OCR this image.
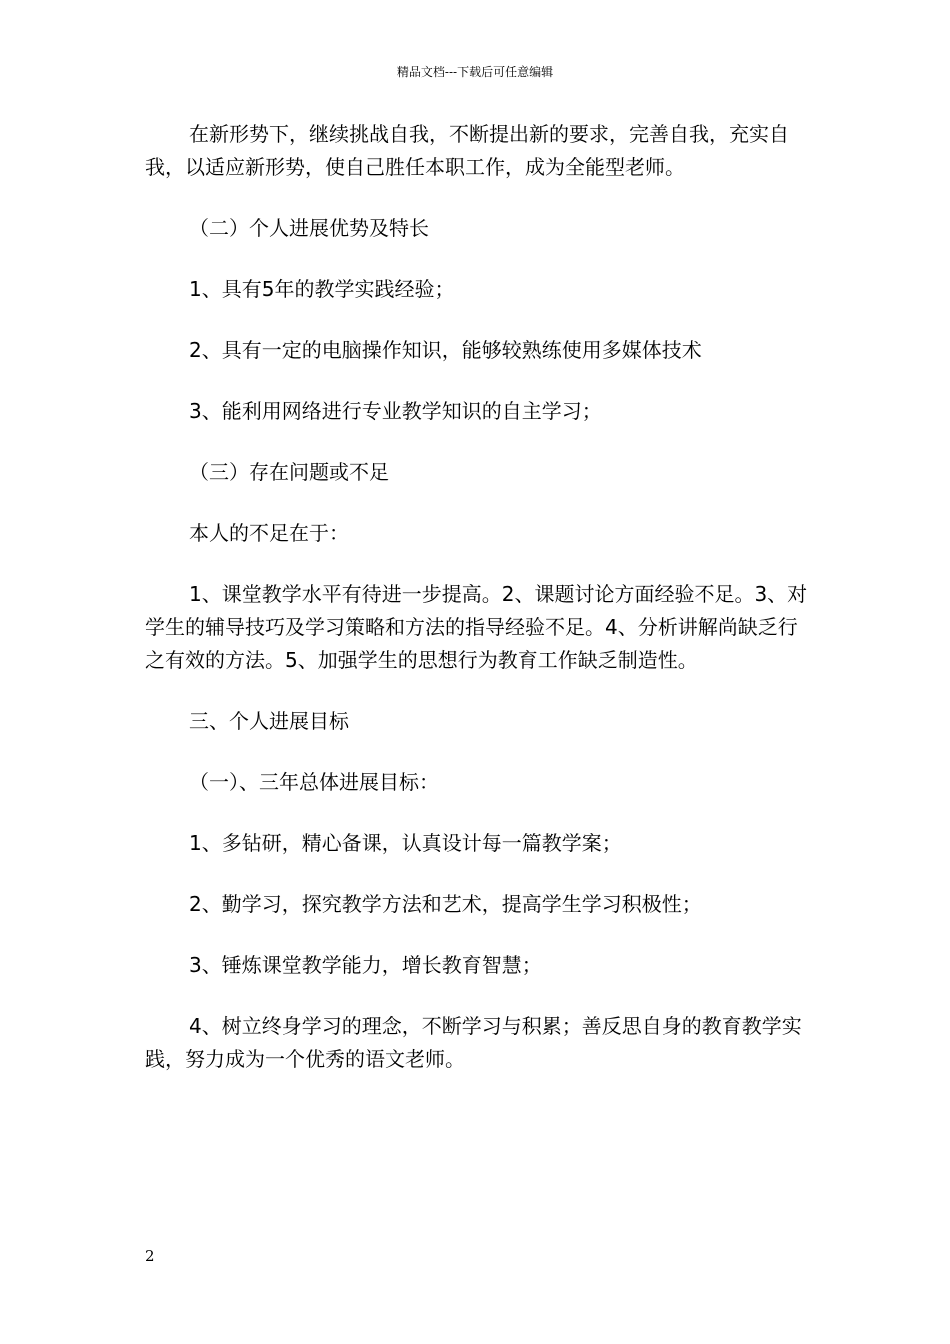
精品文档---下载后可任意编辑

在新形势下，继续挑战自我，不断提出新的要求，完善自我，充实自我，以适应新形势，使自己胜任本职工作，成为全能型老师。

（二）个人进展优势及特长

1、具有5年的教学实践经验；

2、具有一定的电脑操作知识，能够较熟练使用多媒体技术

3、能利用网络进行专业教学知识的自主学习；

（三）存在问题或不足

本人的不足在于：

1、课堂教学水平有待进一步提高。2、课题讨论方面经验不足。3、对学生的辅导技巧及学习策略和方法的指导经验不足。4、分析讲解尚缺乏行之有效的方法。5、加强学生的思想行为教育工作缺乏制造性。

三、个人进展目标

（一）、三年总体进展目标：

1、多钻研，精心备课，认真设计每一篇教学案；

2、勤学习，探究教学方法和艺术，提高学生学习积极性；

3、锤炼课堂教学能力，增长教育智慧；

4、树立终身学习的理念，不断学习与积累；善反思自身的教育教学实践，努力成为一个优秀的语文老师。

2
